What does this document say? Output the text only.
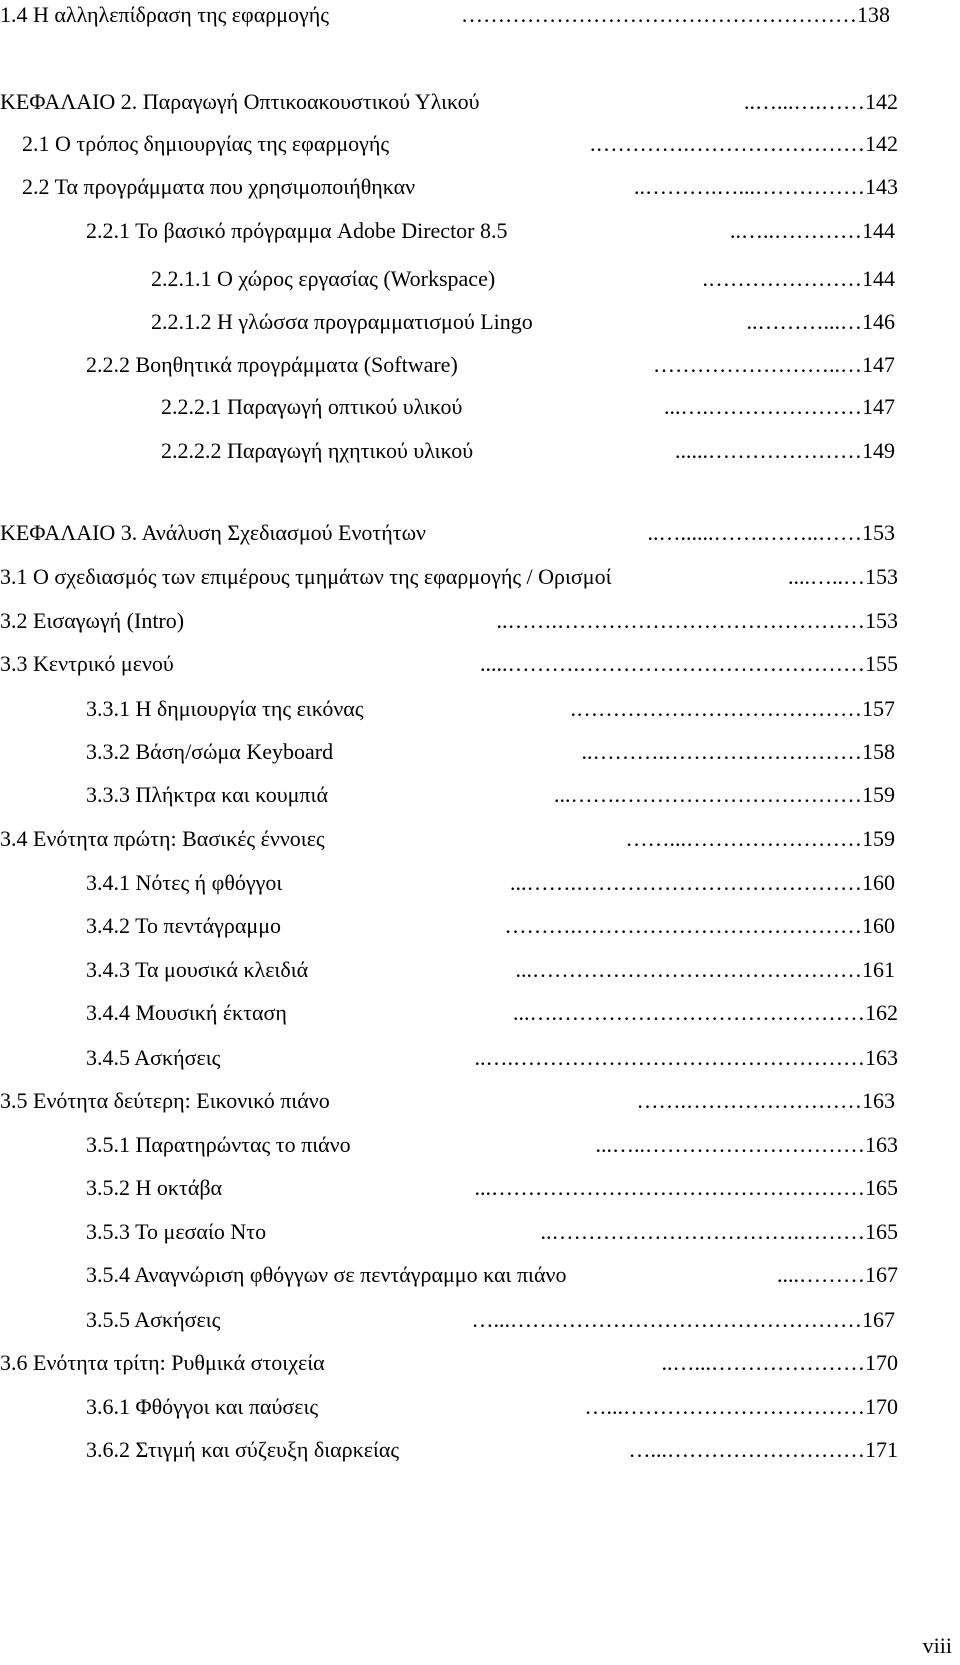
1.4 Η αλληλεπίδραση της εφαρμογής	……………………………………………… 138
ΚΕΦΑΛΑΙΟ 2. Παραγωγή Οπτικοακουστικού Υλικού	…….…...….. 142
2.1 Ο τρόπος δημιουργίας της εφαρμογής	…………………….…………. 142
2.2 Τα προγράμματα που χρησιμοποιήθηκαν	……………...….……….. 143
2.2.1 Το βασικό πρόγραμμα Adobe Director 8.5	…………..….. 144
2.2.1.1 Ο χώρος εργασίας (Workspace)	…………………. 144
2.2.1.2 Η γλώσσα προγραμματισμού Lingo	…...……….. 146
2.2.2 Βοηθητικά προγράμματα (Software)	…..…………………… 147
2.2.2.1 Παραγωγή οπτικού υλικού	………………….…... 147
2.2.2.2 Παραγωγή ηχητικού υλικού	…………………...... 149
ΚΕΦΑΛΑΙΟ 3. Ανάλυση Σχεδιασμού Ενοτήτων	……..…….……......….. 153
3.1 Ο σχεδιασμός των επιμέρους τμημάτων της εφαρμογής / Ορισμοί	…..….... 153
3.2 Εισαγωγή (Intro)	…………………………………….…….. 153
3.3 Κεντρικό μενού	………………………………….………..... 155
3.3.1 Η δημιουργία της εικόνας	…………………………………. 157
3.3.2 Βάση/σώμα Keyboard	……………………….……….. 158
3.3.3 Πλήκτρα και κουμπιά	…………………………….……... 159
3.4 Ενότητα πρώτη: Βασικές έννοιες	……………………...…… 159
3.4.1 Νότες ή φθόγγοι	………………………………….……... 160
3.4.2 Το πεντάγραμμο	………………………………….……… 160
3.4.3 Τα μουσικά κλειδιά	………………………………………... 161
3.4.4 Μουσική έκταση	…………………………………….…... 162
3.4.5 Ασκήσεις	………………………………………….….. 163
3.5 Ενότητα δεύτερη: Εικονικό πιάνο	…………………….…… 163
3.5.1 Παρατηρώντας το πιάνο	…………………………..…... 163
3.5.2 Η οκτάβα	……………………………………………... 165
3.5.3 Το μεσαίο Ντο	……….…………………………….. 165
3.5.4 Αναγνώριση φθόγγων σε πεντάγραμμο και πιάνο	……….... 167
3.5.5 Ασκήσεις	…………………………………………...… 167
3.6 Ενότητα τρίτη: Ρυθμικά στοιχεία	…………………...….. 170
3.6.1 Φθόγγοι και παύσεις	……………………………...… 170
3.6.2 Στιγμή και σύζευξη διαρκείας	………………………...… 171
viii
